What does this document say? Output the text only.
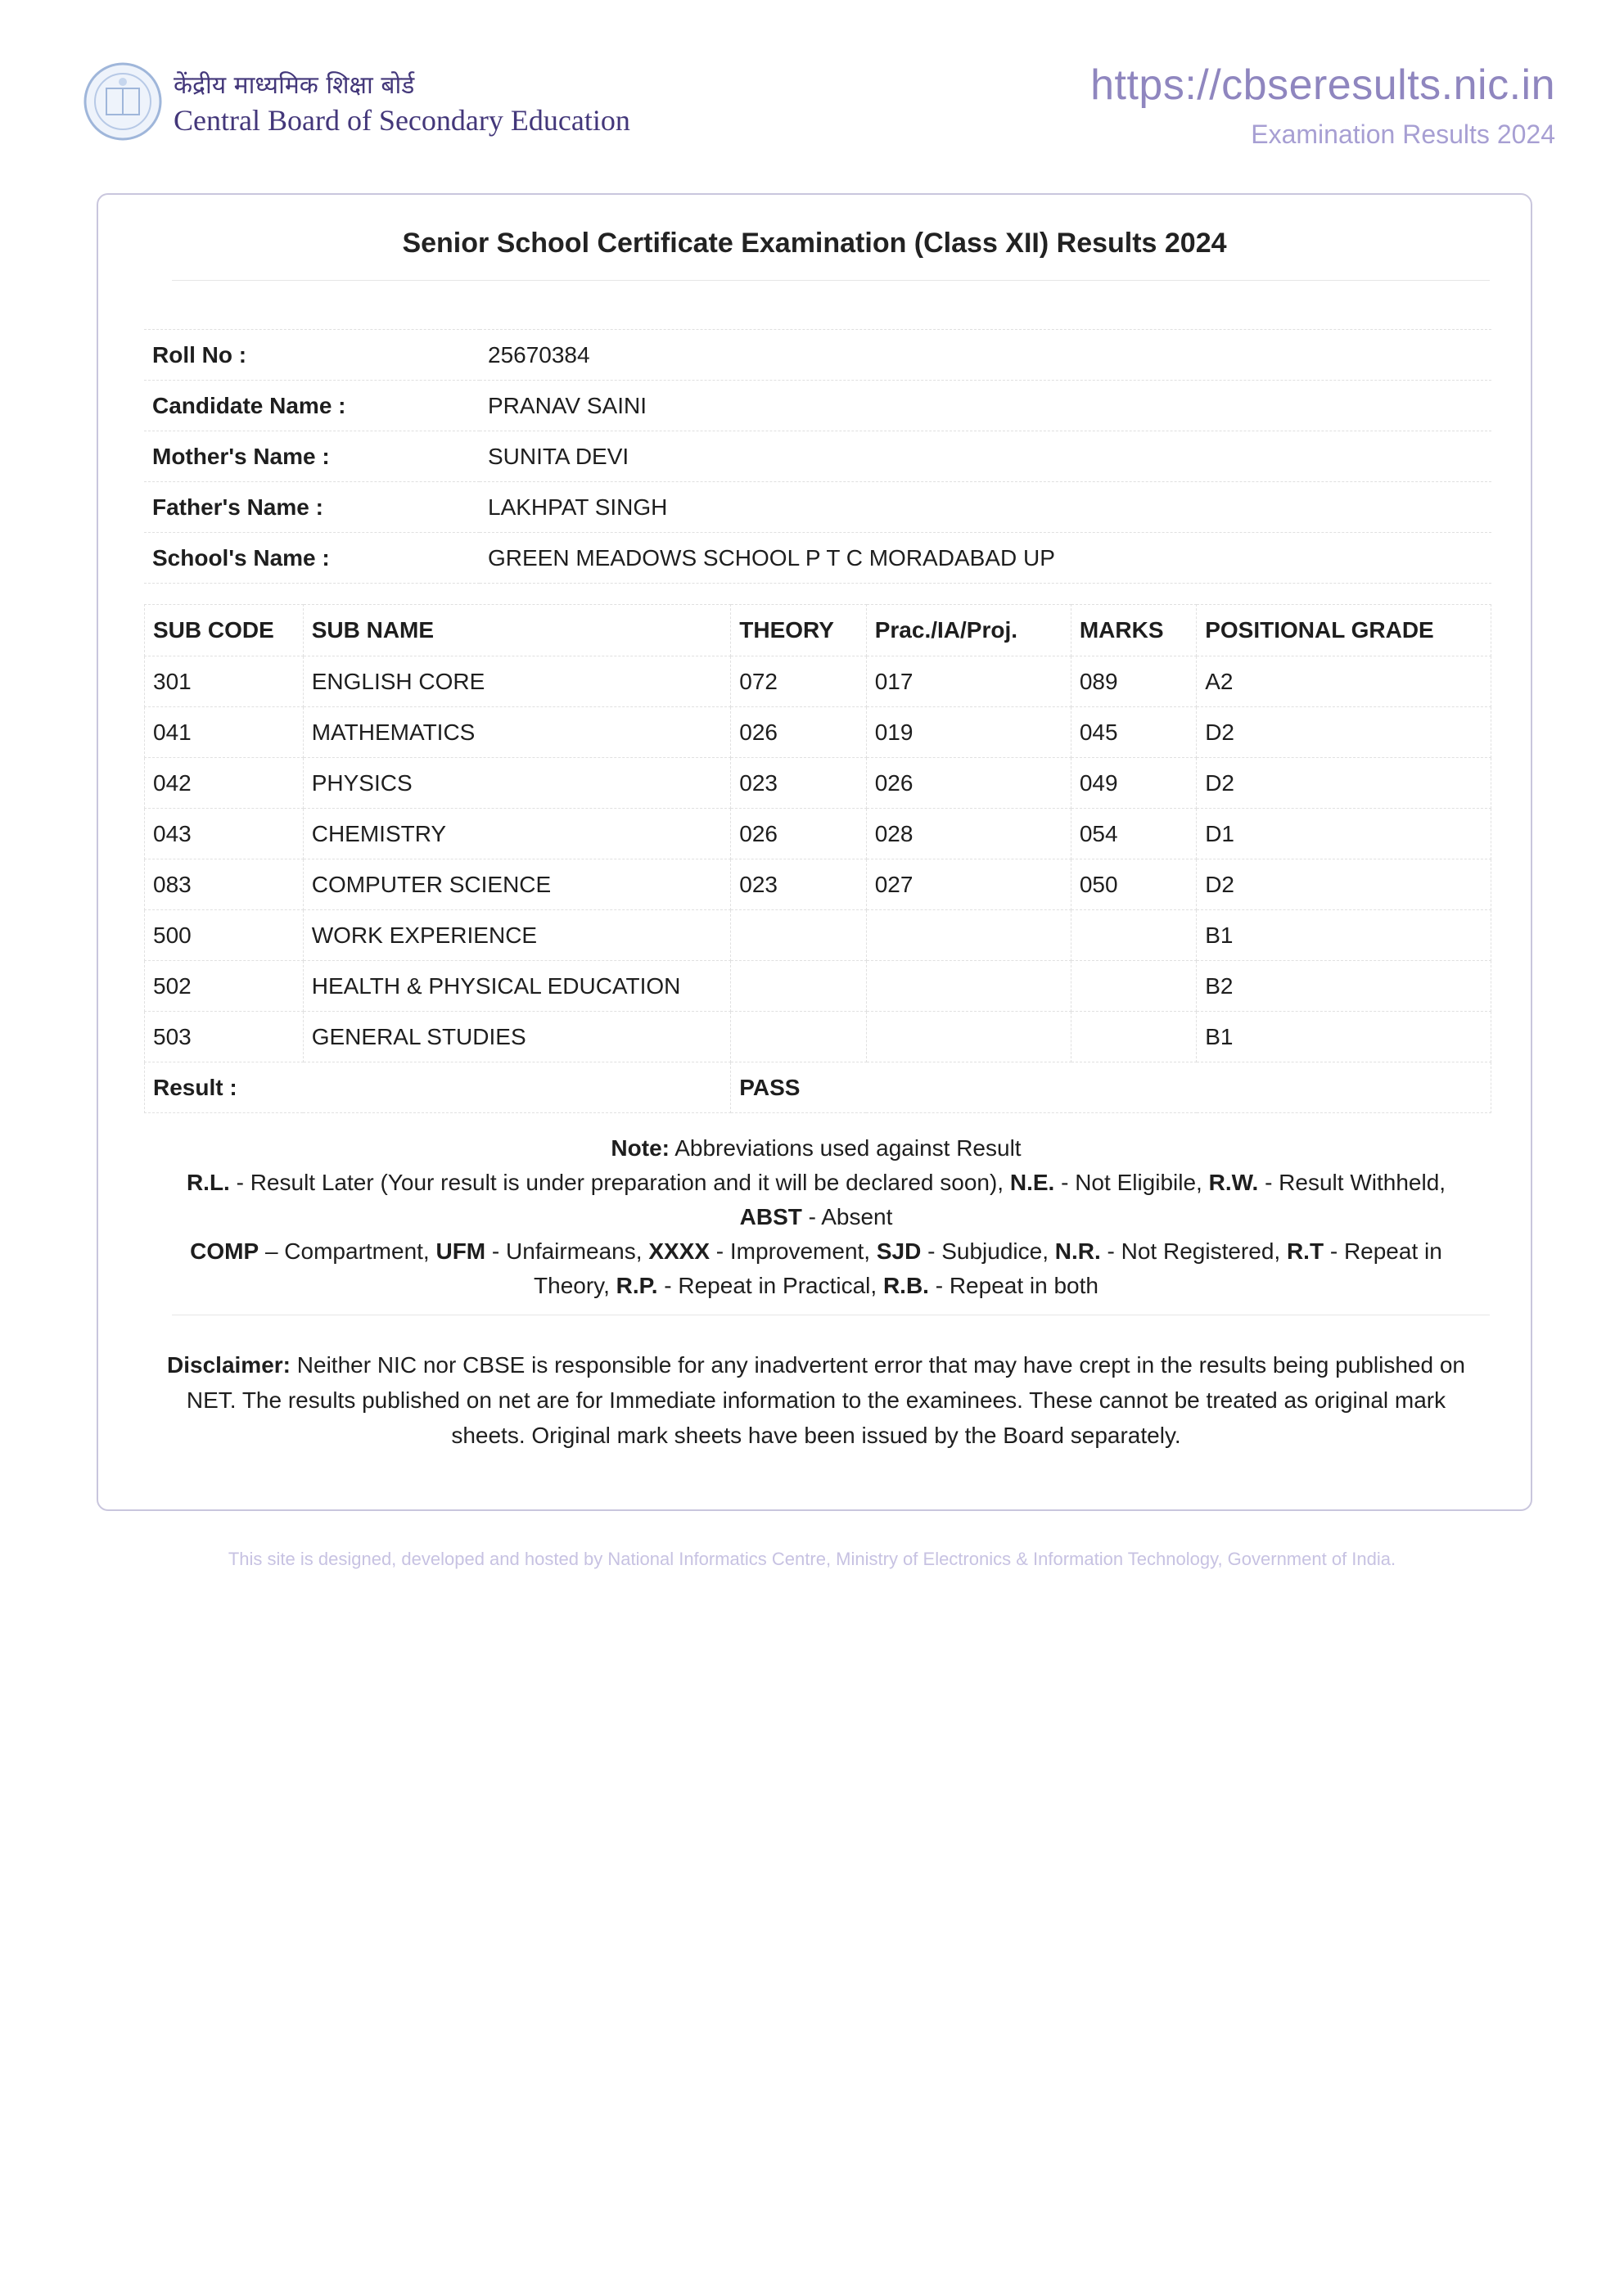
केंद्रीय माध्यमिक शिक्षा बोर्ड
Central Board of Secondary Education
https://cbseresults.nic.in
Examination Results 2024
Senior School Certificate Examination (Class XII) Results 2024
Roll No :	25670384
Candidate Name :	PRANAV SAINI
Mother's Name :	SUNITA DEVI
Father's Name :	LAKHPAT SINGH
School's Name :	GREEN MEADOWS SCHOOL P T C MORADABAD UP
SUB CODE	SUB NAME	THEORY	Prac./IA/Proj.	MARKS	POSITIONAL GRADE
301	ENGLISH CORE	072	017	089	A2
041	MATHEMATICS	026	019	045	D2
042	PHYSICS	023	026	049	D2
043	CHEMISTRY	026	028	054	D1
083	COMPUTER SCIENCE	023	027	050	D2
500	WORK EXPERIENCE				B1
502	HEALTH & PHYSICAL EDUCATION				B2
503	GENERAL STUDIES				B1
Result :		PASS			
Note: Abbreviations used against Result
R.L. - Result Later (Your result is under preparation and it will be declared soon), N.E. - Not Eligibile, R.W. - Result Withheld, ABST - Absent
COMP – Compartment, UFM - Unfairmeans, XXXX - Improvement, SJD - Subjudice, N.R. - Not Registered, R.T - Repeat in Theory, R.P. - Repeat in Practical, R.B. - Repeat in both
Disclaimer: Neither NIC nor CBSE is responsible for any inadvertent error that may have crept in the results being published on NET. The results published on net are for Immediate information to the examinees. These cannot be treated as original mark sheets. Original mark sheets have been issued by the Board separately.
This site is designed, developed and hosted by National Informatics Centre, Ministry of Electronics & Information Technology, Government of India.
